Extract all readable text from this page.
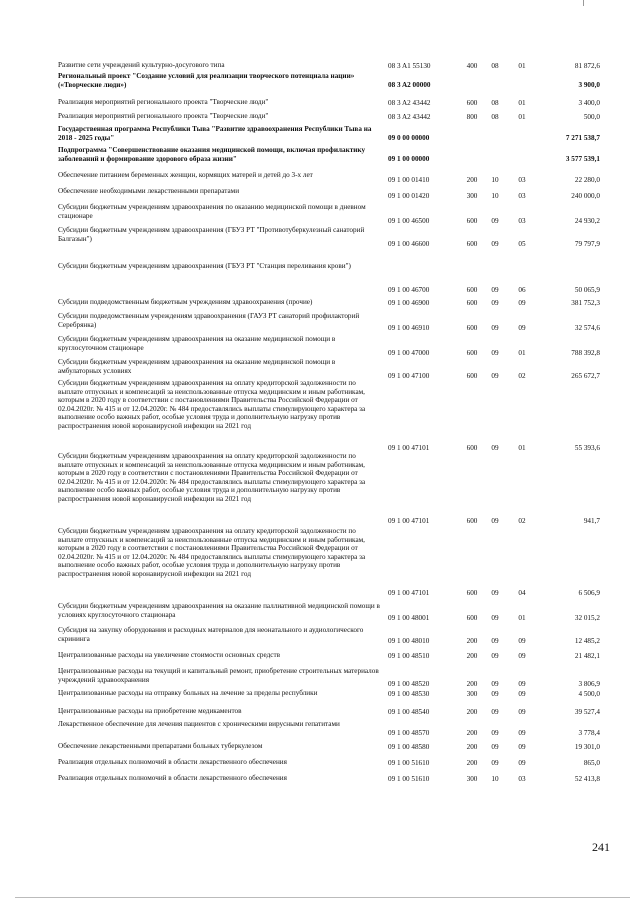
Развитие сети учреждений культурно-досугового типа	08 3 A1 55130	400	08	01	81 872,6
Региональный проект "Создание условий для реализации творческого потенциала нации» («Творческие люди»)	08 3 A2 00000	3 900,0
Реализация мероприятий регионального проекта "Творческие люди"	08 3 A2 43442	600	08	01	3 400,0
Реализация мероприятий регионального проекта "Творческие люди"	08 3 A2 43442	800	08	01	500,0
Государственная программа Республики Тыва "Развитие здравоохранения Республики Тыва на 2018 - 2025 годы"	09 0 00 00000	7 271 538,7
Подпрограмма "Совершенствование оказания медицинской помощи, включая профилактику заболеваний и формирование здорового образа жизни"	09 1 00 00000	3 577 539,1
Обеспечение питанием беременных женщин, кормящих матерей и детей до 3-х лет
09 1 00 01410	200	10	03	22 280,0
Обеспечение необходимыми лекарственными препаратами
09 1 00 01420	300	10	03	240 000,0
Субсидии бюджетным учреждениям здравоохранения по оказанию медицинской помощи в дневном стационаре
09 1 00 46500	600	09	03	24 930,2
Субсидии бюджетным учреждениям здравоохранения (ГБУЗ РТ "Противотуберкулезный санаторий Балгазын")
09 1 00 46600	600	09	05	79 797,9
Субсидии бюджетным учреждениям здравоохранения (ГБУЗ РТ "Станция переливания крови")
09 1 00 46700	600	09	06	50 065,9
Субсидии подведомственным бюджетным учреждениям здравоохранения (прочие)	09 1 00 46900	600	09	09	381 752,3
Субсидии подведомственным учреждениям здравоохранения (ГАУЗ РТ санаторий профилакторий Серебрянка)	09 1 00 46910	600	09	09	32 574,6
Субсидии бюджетным учреждениям здравоохранения на оказание медицинской помощи в круглосуточном стационаре
09 1 00 47000	600	09	01	788 392,8
Субсидии бюджетным учреждениям здравоохранения на оказание медицинской помощи в амбулаторных условиях
09 1 00 47100	600	09	02	265 672,7
Субсидии бюджетным учреждениям здравоохранения на оплату кредиторской задолженности по выплате отпускных и компенсаций за неиспользованные отпуска медицинским и иным работникам, которым в 2020 году в соответствии с постановлениями Правительства Российской Федерации от 02.04.2020г. № 415 и от 12.04.2020г. № 484 предоставлялись выплаты стимулирующего характера за выполнение особо важных работ, особые условия труда и дополнительную нагрузку против распространения новой коронавирусной инфекции на 2021 год
09 1 00 47101	600	09	01	55 393,6
Субсидии бюджетным учреждениям здравоохранения на оплату кредиторской задолженности по выплате отпускных и компенсаций за неиспользованные отпуска медицинским и иным работникам, которым в 2020 году в соответствии с постановлениями Правительства Российской Федерации от 02.04.2020г. № 415 и от 12.04.2020г. № 484 предоставлялись выплаты стимулирующего характера за выполнение особо важных работ, особые условия труда и дополнительную нагрузку против распространения новой коронавирусной инфекции на 2021 год
09 1 00 47101	600	09	02	941,7
Субсидии бюджетным учреждениям здравоохранения на оплату кредиторской задолженности по выплате отпускных и компенсаций за неиспользованные отпуска медицинским и иным работникам, которым в 2020 году в соответствии с постановлениями Правительства Российской Федерации от 02.04.2020г. № 415 и от 12.04.2020г. № 484 предоставлялись выплаты стимулирующего характера за выполнение особо важных работ, особые условия труда и дополнительную нагрузку против распространения новой коронавирусной инфекции на 2021 год
09 1 00 47101	600	09	04	6 506,9
Субсидии бюджетным учреждениям здравоохранения на оказание паллиативной медицинской помощи в условиях круглосуточного стационара	09 1 00 48001	600	09	01	32 015,2
Субсидия на закупку оборудования и расходных материалов для неонатального и аудиологического скрининга	09 1 00 48010	200	09	09	12 485,2
Централизованные расходы на увеличение стоимости основных средств	09 1 00 48510	200	09	09	21 482,1
Централизованные расходы на текущий и капитальный ремонт, приобретение строительных материалов учреждений здравоохранения
09 1 00 48520	200	09	09	3 806,9
Централизованные расходы на отправку больных на лечение за пределы республики	09 1 00 48530	300	09	09	4 500,0
Централизованные расходы на приобретение медикаментов	09 1 00 48540	200	09	09	39 527,4
Лекарственное обеспечение для лечения пациентов с хроническими вирусными гепатитами
09 1 00 48570	200	09	09	3 778,4
Обеспечение лекарственными препаратами больных туберкулезом	09 1 00 48580	200	09	09	19 301,0
Реализация отдельных полномочий в области лекарственного обеспечения	09 1 00 51610	200	09	09	865,0
Реализация отдельных полномочий в области лекарственного обеспечения	09 1 00 51610	300	10	03	52 413,8
241
